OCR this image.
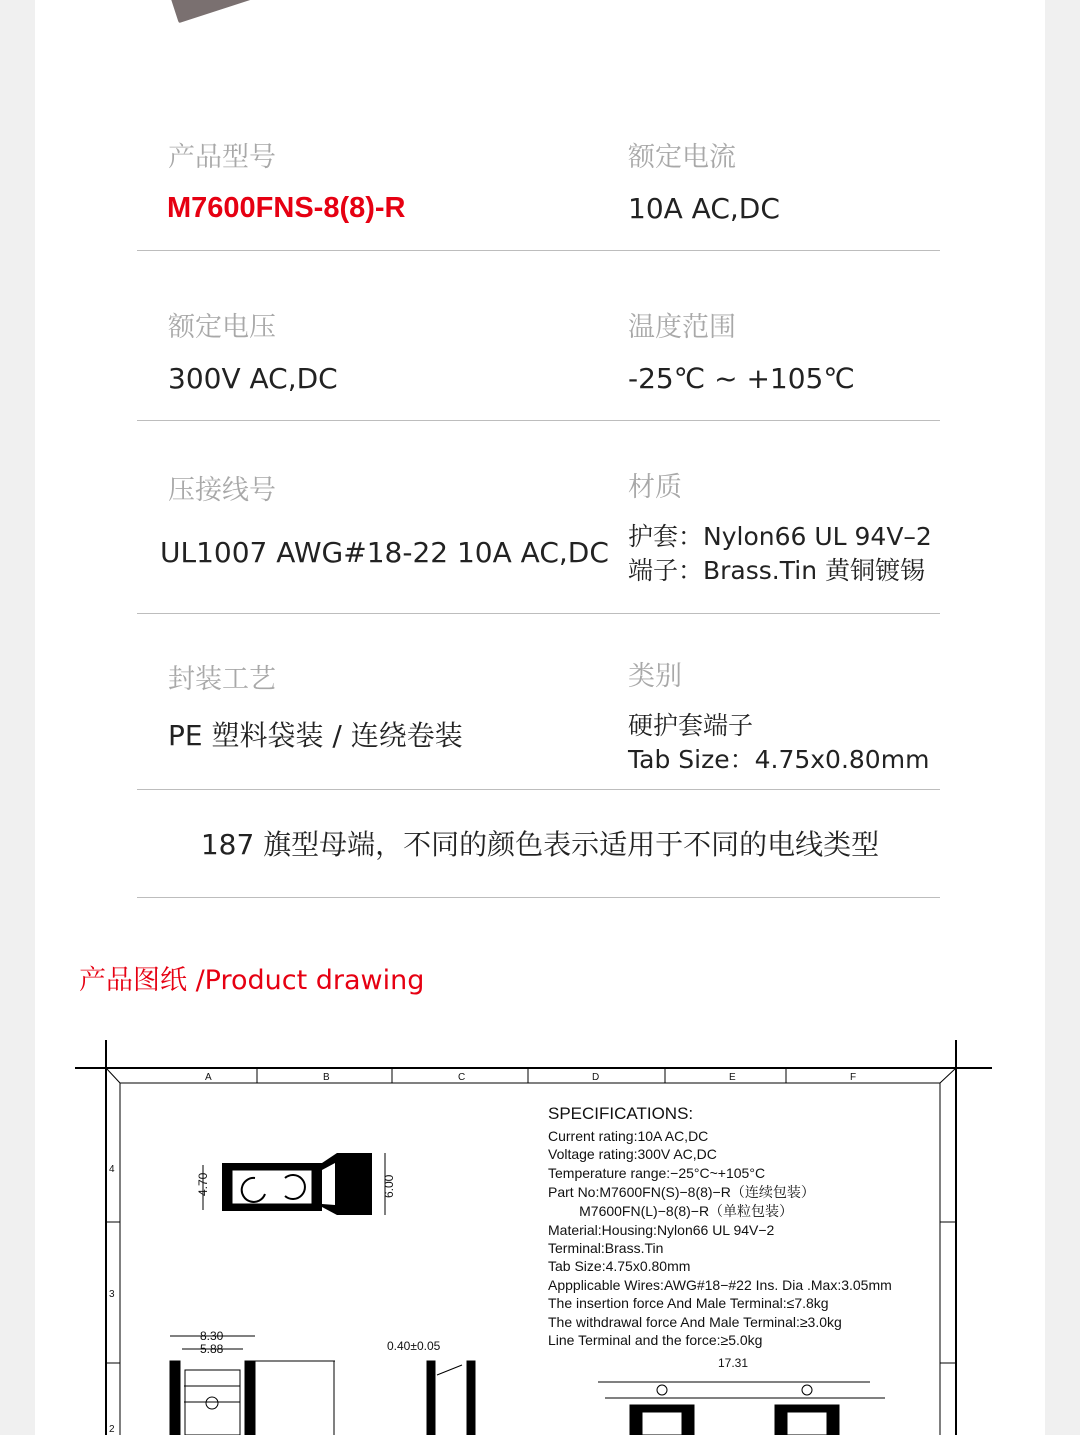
产品型号
M7600FNS-8(8)-R
额定电流
10A AC,DC
额定电压
300V AC,DC
温度范围
-25℃ ~ +105℃
压接线号
UL1007 AWG#18-22 10A AC,DC
材质
护套：Nylon66 UL 94V–2
端子：Brass.Tin 黄铜镀锡
封装工艺
PE 塑料袋装 / 连绕卷装
类别
硬护套端子
Tab Size：4.75x0.80mm
187 旗型母端，不同的颜色表示适用于不同的电线类型
产品图纸 /Product drawing
A	B	C	D	E	F
4
3
2
4.70	6.00
8.30
5.88	0.40±0.05
17.31
SPECIFICATIONS:
Current rating:10A AC,DC
Voltage rating:300V AC,DC
Temperature range:−25°C~+105°C
Part No:M7600FN(S)−8(8)−R（连续包装）
M7600FN(L)−8(8)−R（单粒包装）
Material:Housing:Nylon66 UL 94V−2
Terminal:Brass.Tin
Tab Size:4.75x0.80mm
Appplicable Wires:AWG#18−#22 Ins. Dia .Max:3.05mm
The insertion force And Male Terminal:≤7.8kg
The withdrawal force And Male Terminal:≥3.0kg
Line Terminal and the force:≥5.0kg
